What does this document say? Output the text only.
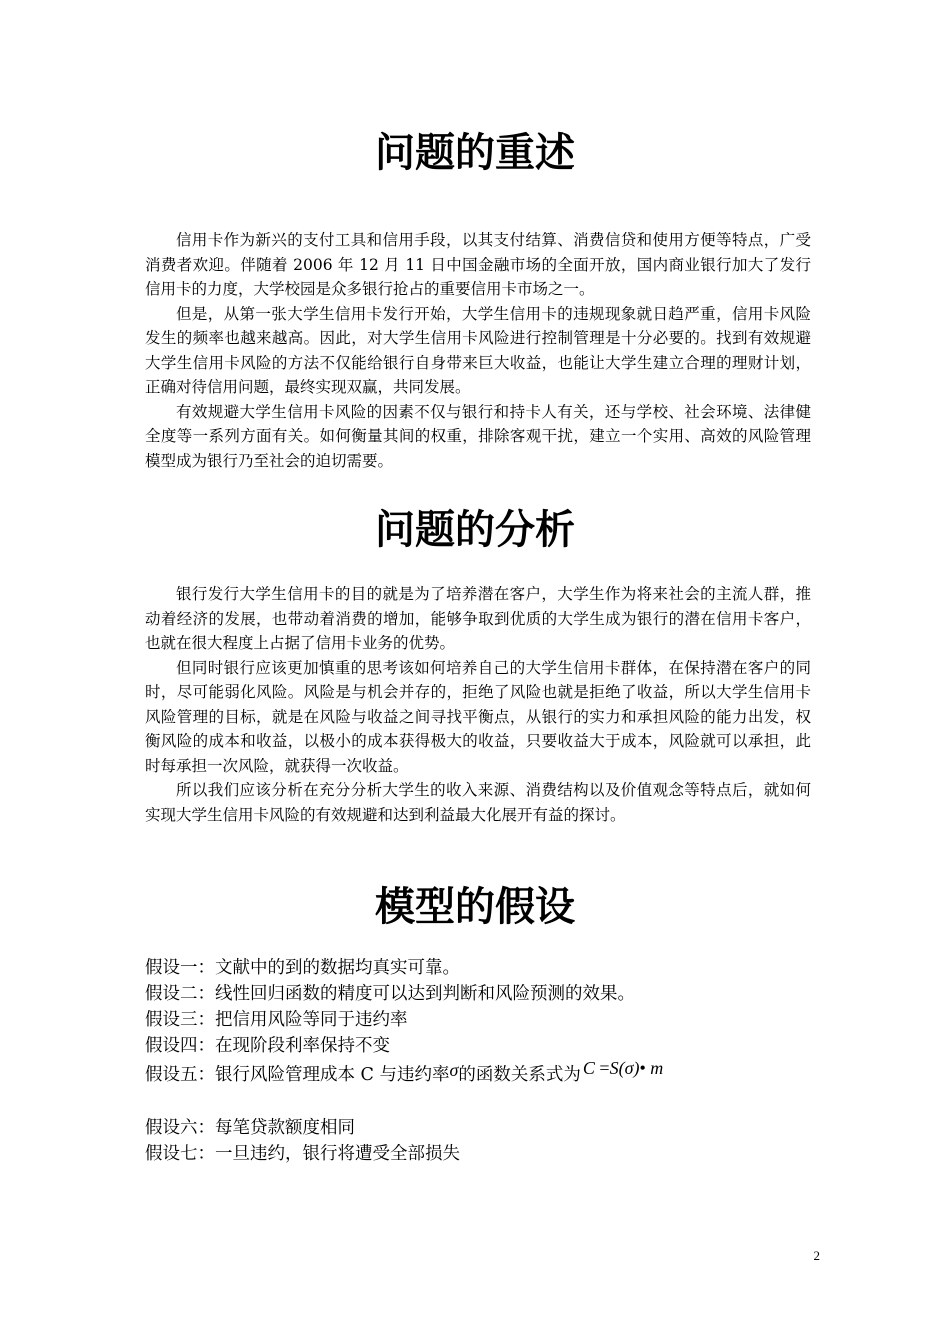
问题的重述

信用卡作为新兴的支付工具和信用手段，以其支付结算、消费信贷和使用方便等特点，广受消费者欢迎。伴随着 2006 年 12 月 11 日中国金融市场的全面开放，国内商业银行加大了发行信用卡的力度，大学校园是众多银行抢占的重要信用卡市场之一。

但是，从第一张大学生信用卡发行开始，大学生信用卡的违规现象就日趋严重，信用卡风险发生的频率也越来越高。因此，对大学生信用卡风险进行控制管理是十分必要的。找到有效规避大学生信用卡风险的方法不仅能给银行自身带来巨大收益，也能让大学生建立合理的理财计划，正确对待信用问题，最终实现双赢，共同发展。

有效规避大学生信用卡风险的因素不仅与银行和持卡人有关，还与学校、社会环境、法律健全度等一系列方面有关。如何衡量其间的权重，排除客观干扰，建立一个实用、高效的风险管理模型成为银行乃至社会的迫切需要。

问题的分析

银行发行大学生信用卡的目的就是为了培养潜在客户，大学生作为将来社会的主流人群，推动着经济的发展，也带动着消费的增加，能够争取到优质的大学生成为银行的潜在信用卡客户，也就在很大程度上占据了信用卡业务的优势。

但同时银行应该更加慎重的思考该如何培养自己的大学生信用卡群体，在保持潜在客户的同时，尽可能弱化风险。风险是与机会并存的，拒绝了风险也就是拒绝了收益，所以大学生信用卡风险管理的目标，就是在风险与收益之间寻找平衡点，从银行的实力和承担风险的能力出发，权衡风险的成本和收益，以极小的成本获得极大的收益，只要收益大于成本，风险就可以承担，此时每承担一次风险，就获得一次收益。

所以我们应该分析在充分分析大学生的收入来源、消费结构以及价值观念等特点后，就如何实现大学生信用卡风险的有效规避和达到利益最大化展开有益的探讨。

模型的假设

假设一：文献中的到的数据均真实可靠。

假设二：线性回归函数的精度可以达到判断和风险预测的效果。

假设三：把信用风险等同于违约率

假设四：在现阶段利率保持不变

假设五：银行风险管理成本 C 与违约率σ的函数关系式为 C =S(σ)• m

假设六：每笔贷款额度相同

假设七：一旦违约，银行将遭受全部损失

2
